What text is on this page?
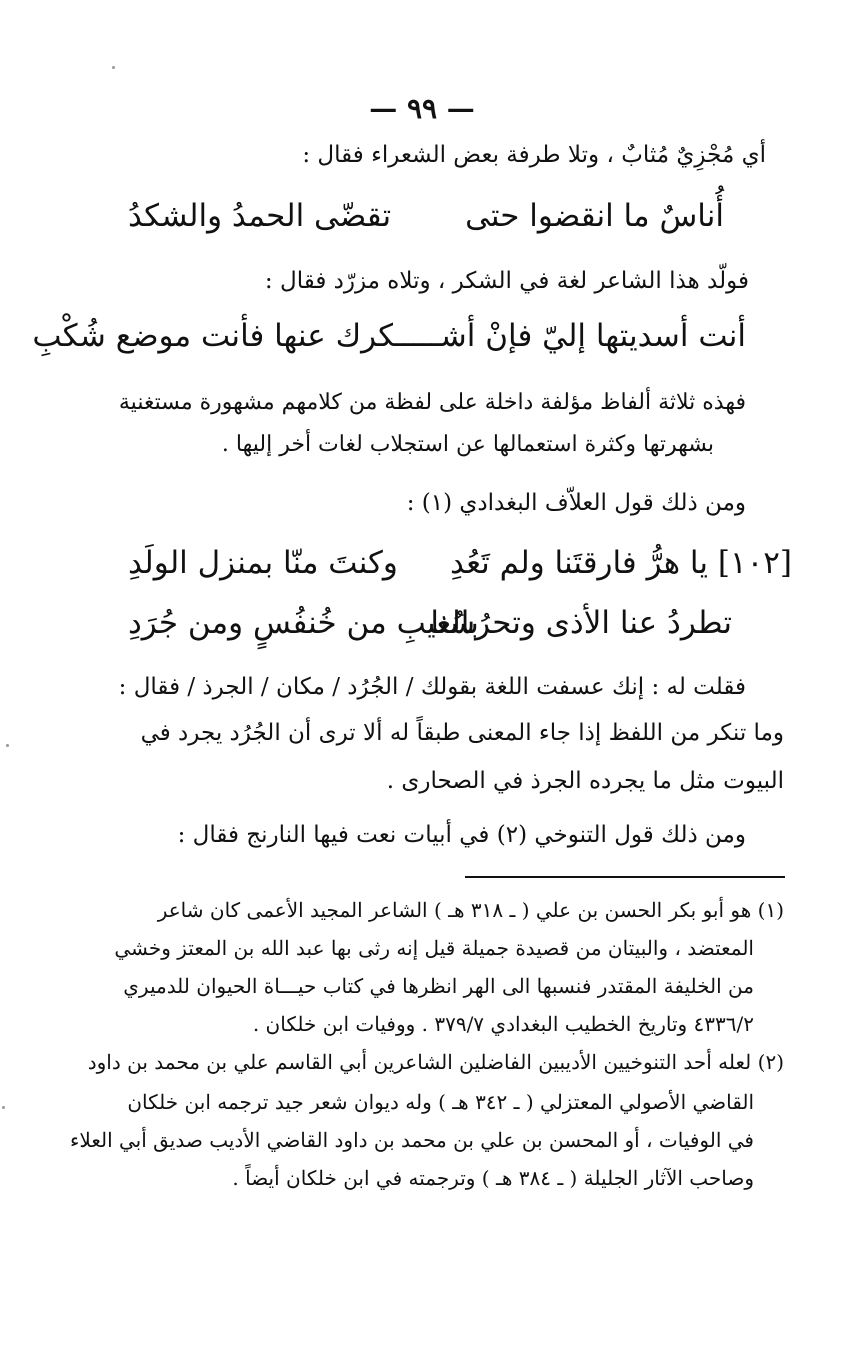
— ٩٩ —
أي مُجْزِيٌ مُثابٌ ، وتلا طرفة بعض الشعراء فقال :
أُناسٌ ما انقضوا حتى
تقضّى الحمدُ والشكدُ
فولّد هذا الشاعر لغة في الشكر ، وتلاه مزرّد فقال :
أنت أسديتها إليّ فإنْ أشـــــكرك عنها فأنت موضع شُكْبِ
فهذه ثلاثة ألفاظ مؤلفة داخلة على لفظة من كلامهم مشهورة مستغنية
بشهرتها وكثرة استعمالها عن استجلاب لغات أخر إليها .
ومن ذلك قول العلاّف البغدادي (١) :
[١٠٢] يا هرُّ فارقتَنا ولم تَعُدِ
وكنتَ منّا بمنزل الولَدِ
تطردُ عنا الأذى وتحرُسُنا
بالغيبِ من خُنفُسٍ ومن جُرَدِ
فقلت له : إنك عسفت اللغة بقولك / الجُرُد / مكان / الجرذ / فقال :
وما تنكر من اللفظ إذا جاء المعنى طبقاً له ألا ترى أن الجُرُد يجرد في
البيوت مثل ما يجرده الجرذ في الصحارى .
ومن ذلك قول التنوخي (٢) في أبيات نعت فيها النارنج فقال :
(١) هو أبو بكر الحسن بن علي ( ـ ٣١٨ هـ ) الشاعر المجيد الأعمى كان شاعر
المعتضد ، والبيتان من قصيدة جميلة قيل إنه رثى بها عبد الله بن المعتز وخشي
من الخليفة المقتدر فنسبها الى الهر انظرها في كتاب حيـــاة الحيوان للدميري
٤٣٣٦/٢ وتاريخ الخطيب البغدادي ٣٧٩/٧ . ووفيات ابن خلكان .
(٢) لعله أحد التنوخيين الأديبين الفاضلين الشاعرين أبي القاسم علي بن محمد بن داود
القاضي الأصولي المعتزلي ( ـ ٣٤٢ هـ ) وله ديوان شعر جيد ترجمه ابن خلكان
في الوفيات ، أو المحسن بن علي بن محمد بن داود القاضي الأديب صديق أبي العلاء
وصاحب الآثار الجليلة ( ـ ٣٨٤ هـ ) وترجمته في ابن خلكان أيضاً .
